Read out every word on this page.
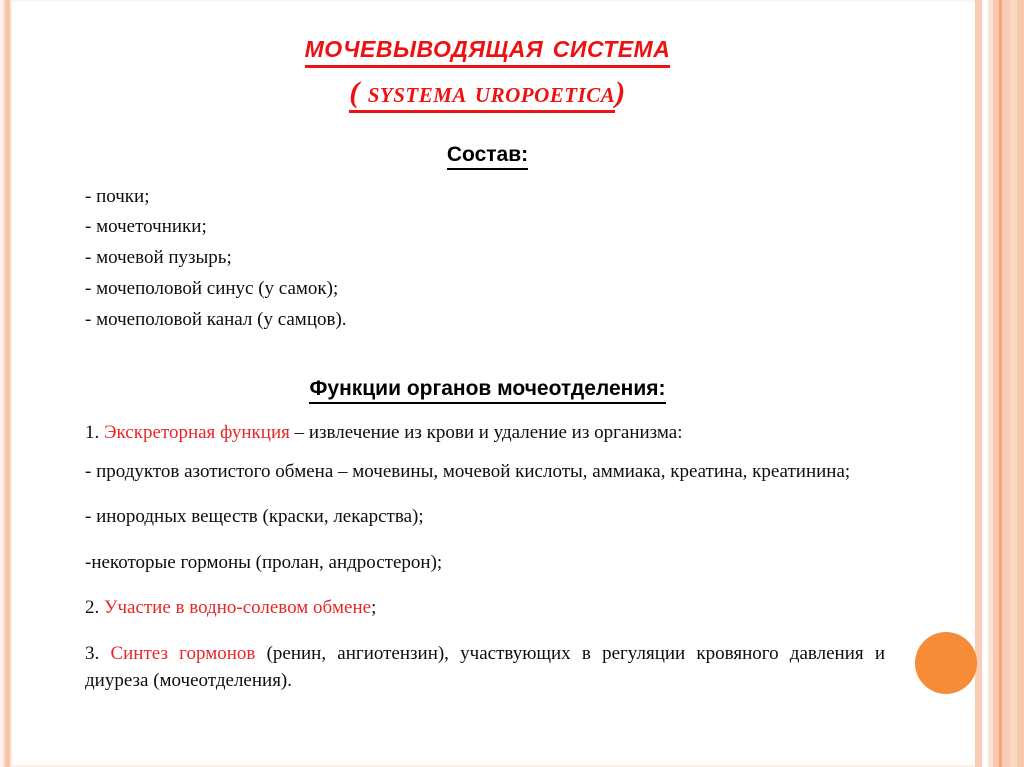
мочевыводящая система
( systema uropoetica)
Состав:
- почки;
- мочеточники;
- мочевой пузырь;
- мочеполовой синус (у самок);
- мочеполовой канал (у самцов).
Функции органов мочеотделения:

1. Экскреторная функция – извлечение из крови и удаление из организма:

- продуктов азотистого обмена – мочевины, мочевой кислоты, аммиака, креатина, креатинина;

- инородных веществ (краски, лекарства);

-некоторые гормоны (пролан, андростерон);

2. Участие в водно-солевом обмене;

3. Синтез гормонов (ренин, ангиотензин), участвующих в регуляции кровяного давления и диуреза (мочеотделения).
